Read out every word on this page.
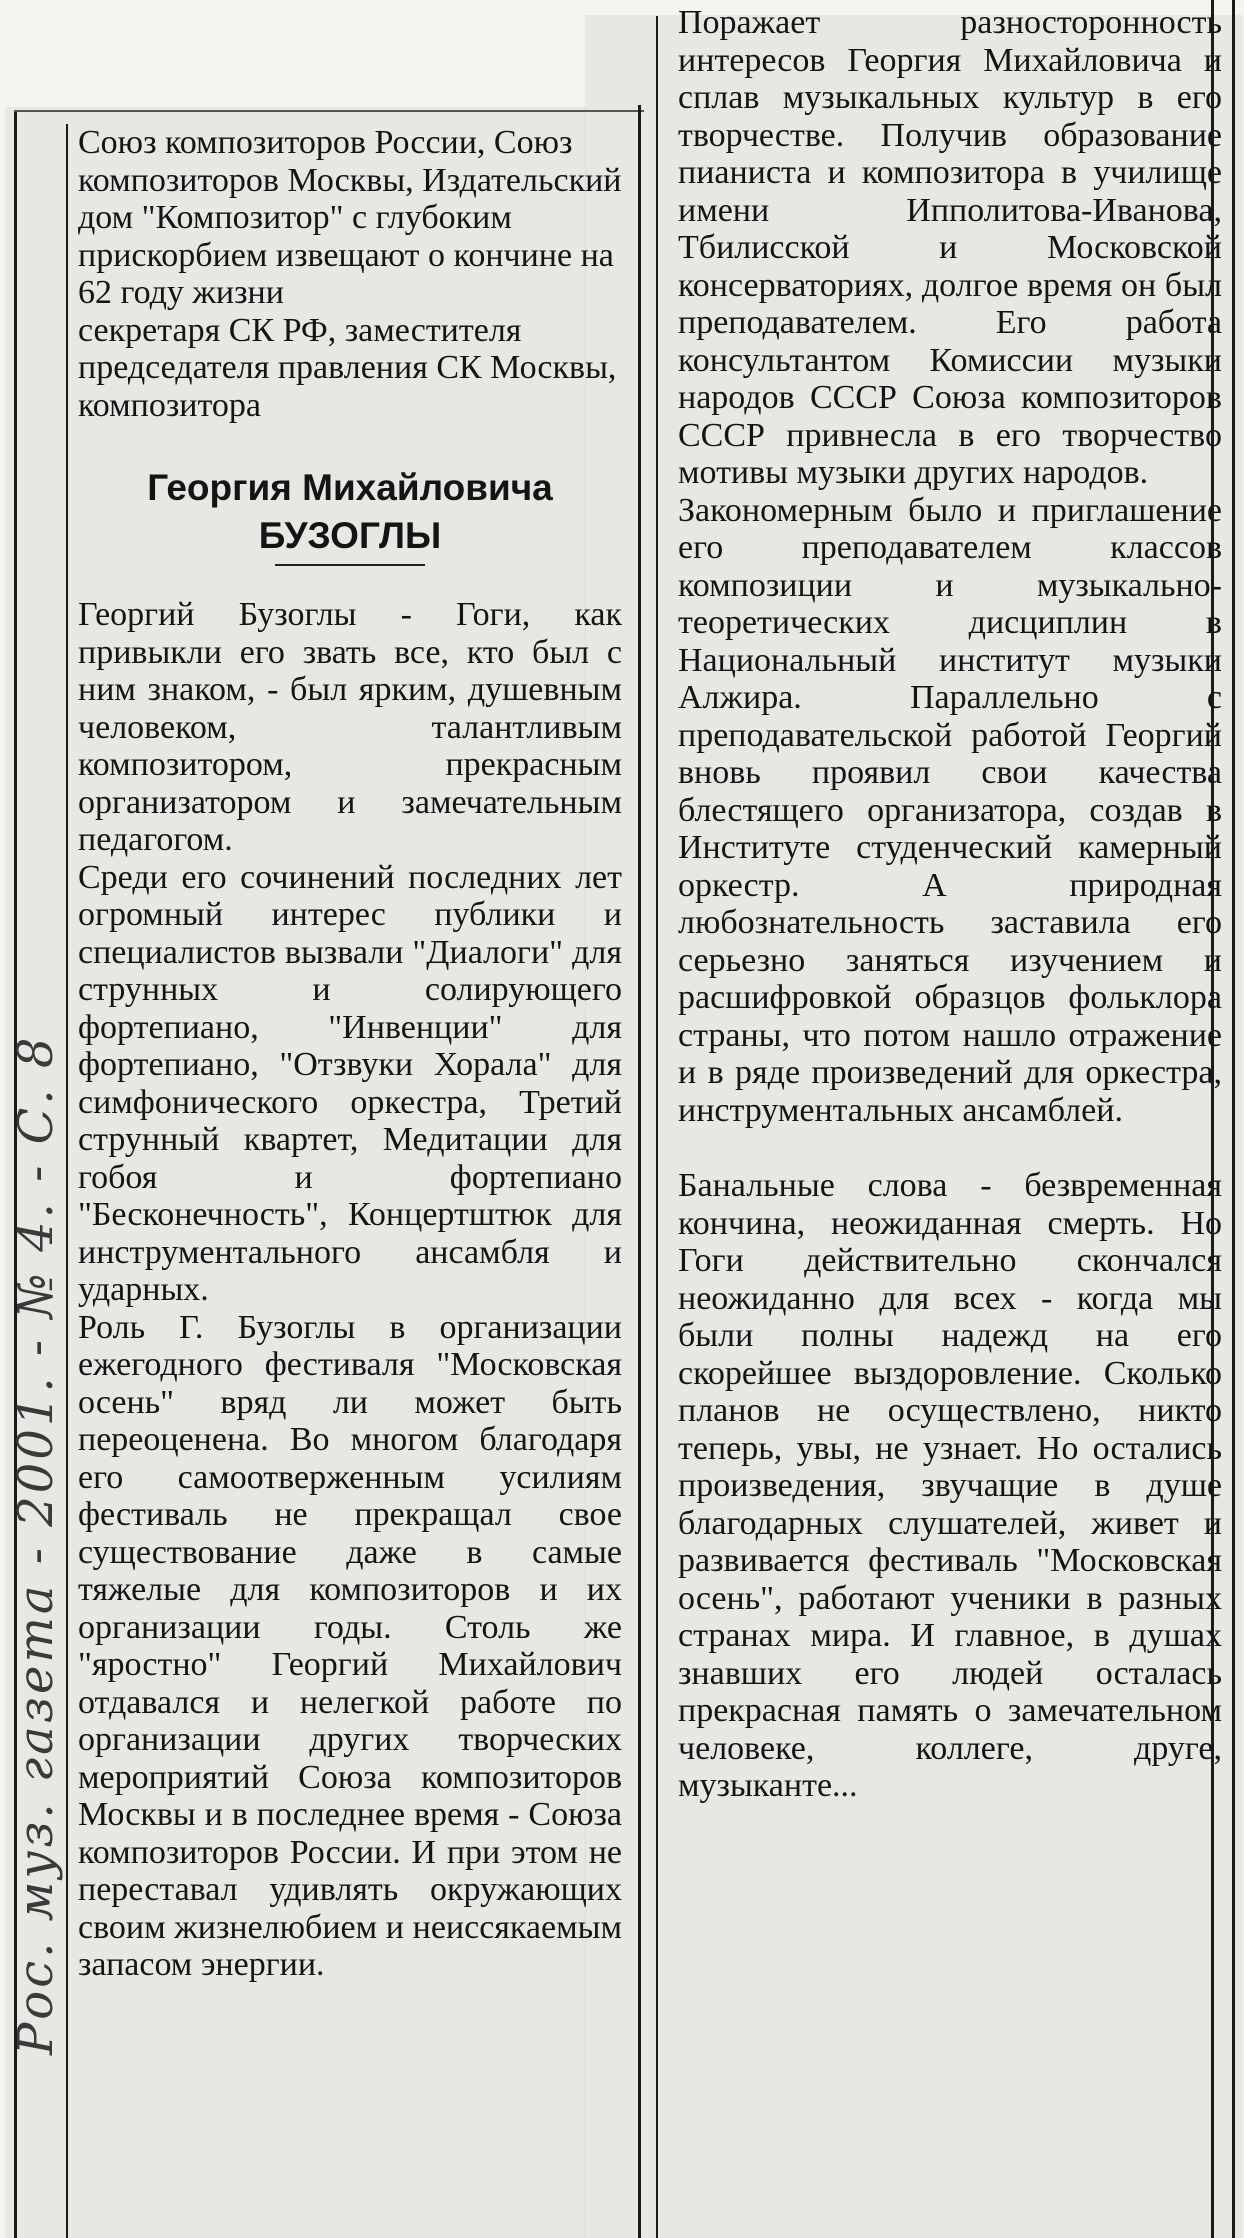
Рос. муз. газета - 2001. - № 4. - С. 8

Союз композиторов России, Союз композиторов Москвы, Издательский дом "Композитор" с глубоким прискорбием извещают о кончине на 62 году жизни

секретаря СК РФ, заместителя председателя правления СК Москвы, композитора

Георгия Михайловича
БУЗОГЛЫ

Георгий Бузоглы - Гоги, как привыкли его звать все, кто был с ним знаком, - был ярким, душевным человеком, талантливым композитором, прекрасным организатором и замечательным педагогом.

Среди его сочинений последних лет огромный интерес публики и специалистов вызвали "Диалоги" для струнных и солирующего фортепиано, "Инвенции" для фортепиано, "Отзвуки Хорала" для симфонического оркестра, Третий струнный квартет, Медитации для гобоя и фортепиано "Бесконечность", Концертштюк для инструментального ансамбля и ударных.

Роль Г. Бузоглы в организации ежегодного фестиваля "Московская осень" вряд ли может быть переоценена. Во многом благодаря его самоотверженным усилиям фестиваль не прекращал свое существование даже в самые тяжелые для композиторов и их организации годы. Столь же "яростно" Георгий Михайлович отдавался и нелегкой работе по организации других творческих мероприятий Союза композиторов Москвы и в последнее время - Союза композиторов России. И при этом не переставал удивлять окружающих своим жизнелюбием и неиссякаемым запасом энергии.

Поражает разносторонность интересов Георгия Михайловича и сплав музыкальных культур в его творчестве. Получив образование пианиста и композитора в училище имени Ипполитова-Иванова, Тбилисской и Московской консерваториях, долгое время он был преподавателем. Его работа консультантом Комиссии музыки народов СССР Союза композиторов СССР привнесла в его творчество мотивы музыки других народов.

Закономерным было и приглашение его преподавателем классов композиции и музыкально-теоретических дисциплин в Национальный институт музыки Алжира. Параллельно с преподавательской работой Георгий вновь проявил свои качества блестящего организатора, создав в Институте студенческий камерный оркестр. А природная любознательность заставила его серьезно заняться изучением и расшифровкой образцов фольклора страны, что потом нашло отражение и в ряде произведений для оркестра, инструментальных ансамблей.

Банальные слова - безвременная кончина, неожиданная смерть. Но Гоги действительно скончался неожиданно для всех - когда мы были полны надежд на его скорейшее выздоровление. Сколько планов не осуществлено, никто теперь, увы, не узнает. Но остались произведения, звучащие в душе благодарных слушателей, живет и развивается фестиваль "Московская осень", работают ученики в разных странах мира. И главное, в душах знавших его людей осталась прекрасная память о замечательном человеке, коллеге, друге, музыканте...
